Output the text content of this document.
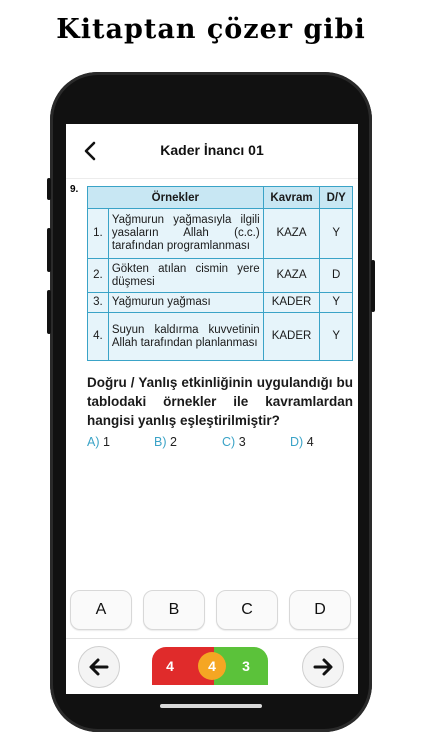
Kitaptan çözer gibi
Kader İnancı 01
9.
Örnekler		Kavram	D/Y
1.	Yağmurun yağmasıyla ilgili yasaların Allah (c.c.) tarafından programlanması	KAZA	Y
2.	Gökten atılan cismin yere düşmesi	KAZA	D
3.	Yağmurun yağması	KADER	Y
4.	Suyun kaldırma kuvvetinin Allah tarafından planlanması	KADER	Y
Doğru / Yanlış etkinliğinin uygulandığı bu tablodaki örnekler ile kavramlardan hangisi yanlış eşleştirilmiştir?
A) 1	B) 2	C) 3	D) 4
A	B	C	D
4	4	3
